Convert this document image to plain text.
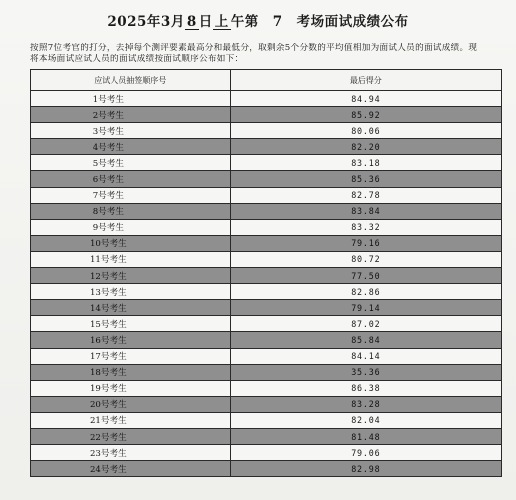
2025年3月 8 日 上 午第 7 考场面试成绩公布

按照7位考官的打分，去掉每个测评要素最高分和最低分，取剩余5个分数的平均值相加为面试人员的面试成绩。现

将本场面试应试人员的面试成绩按面试顺序公布如下：

应试人员抽签顺序号	最后得分
1号考生	84.94
2号考生	85.92
3号考生	80.06
4号考生	82.20
5号考生	83.18
6号考生	85.36
7号考生	82.78
8号考生	83.84
9号考生	83.32
10号考生	79.16
11号考生	80.72
12号考生	77.50
13号考生	82.86
14号考生	79.14
15号考生	87.02
16号考生	85.84
17号考生	84.14
18号考生	35.36
19号考生	86.38
20号考生	83.28
21号考生	82.04
22号考生	81.48
23号考生	79.06
24号考生	82.98
